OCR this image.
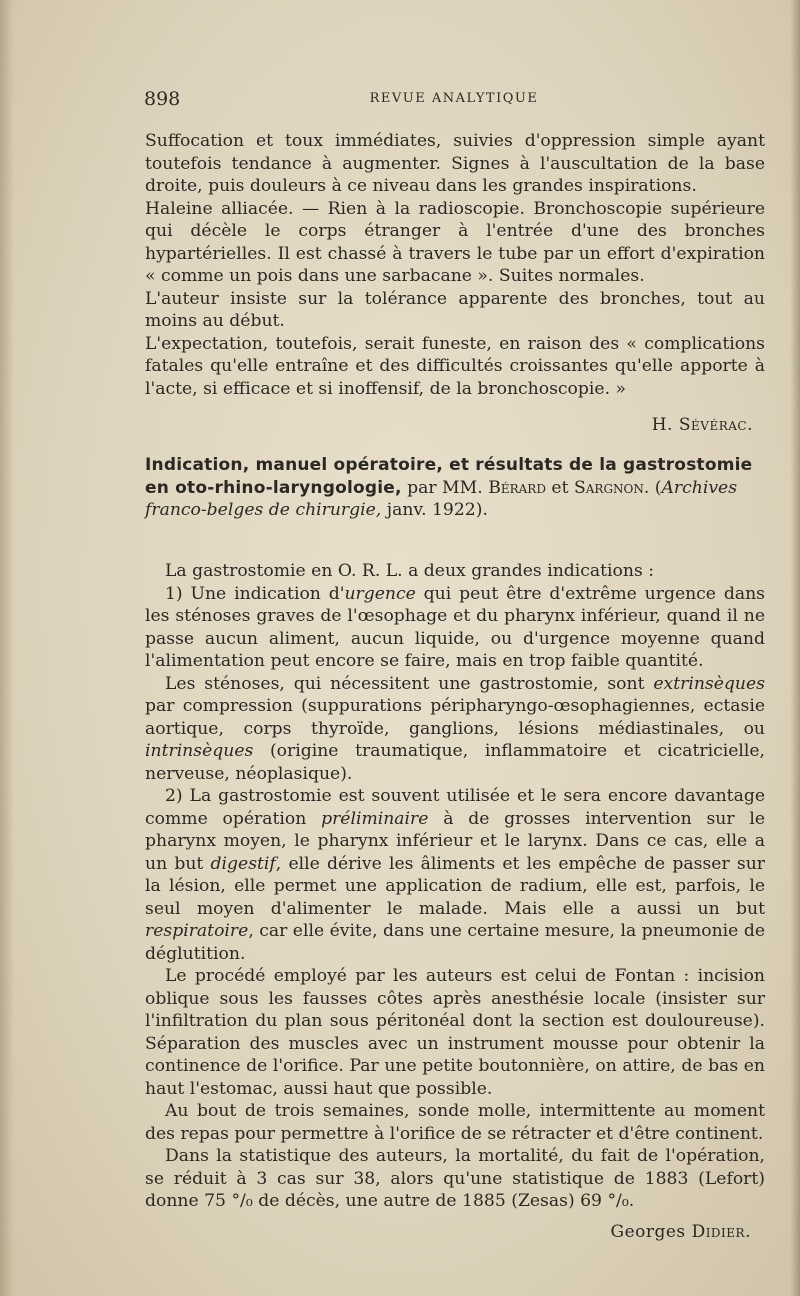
898	REVUE ANALYTIQUE

Suffocation et toux immédiates, suivies d'oppression simple ayant toutefois tendance à augmenter. Signes à l'auscultation de la base droite, puis douleurs à ce niveau dans les grandes inspirations.

Haleine alliacée. — Rien à la radioscopie. Bronchoscopie supérieure qui décèle le corps étranger à l'entrée d'une des bronches hypartérielles. Il est chassé à travers le tube par un effort d'expiration « comme un pois dans une sarbacane ». Suites normales.

L'auteur insiste sur la tolérance apparente des bronches, tout au moins au début.

L'expectation, toutefois, serait funeste, en raison des « complications fatales qu'elle entraîne et des difficultés croissantes qu'elle apporte à l'acte, si efficace et si inoffensif, de la bronchoscopie. »

H. Sévérac.

Indication, manuel opératoire, et résultats de la gastrostomie en oto-rhino-laryngologie, par MM. Bérard et Sargnon. (Archives franco-belges de chirurgie, janv. 1922).

La gastrostomie en O. R. L. a deux grandes indications :

1) Une indication d'urgence qui peut être d'extrême urgence dans les sténoses graves de l'œsophage et du pharynx inférieur, quand il ne passe aucun aliment, aucun liquide, ou d'urgence moyenne quand l'alimentation peut encore se faire, mais en trop faible quantité.

Les sténoses, qui nécessitent une gastrostomie, sont extrinsèques par compression (suppurations péripharyngo-œsophagiennes, ectasie aortique, corps thyroïde, ganglions, lésions médiastinales, ou intrinsèques (origine traumatique, inflammatoire et cicatricielle, nerveuse, néoplasique).

2) La gastrostomie est souvent utilisée et le sera encore davantage comme opération préliminaire à de grosses intervention sur le pharynx moyen, le pharynx inférieur et le larynx. Dans ce cas, elle a un but digestif, elle dérive les âliments et les empêche de passer sur la lésion, elle permet une application de radium, elle est, parfois, le seul moyen d'alimenter le malade. Mais elle a aussi un but respiratoire, car elle évite, dans une certaine mesure, la pneumonie de déglutition.

Le procédé employé par les auteurs est celui de Fontan : incision oblique sous les fausses côtes après anesthésie locale (insister sur l'infiltration du plan sous péritonéal dont la section est douloureuse). Séparation des muscles avec un instrument mousse pour obtenir la continence de l'orifice. Par une petite boutonnière, on attire, de bas en haut l'estomac, aussi haut que possible.

Au bout de trois semaines, sonde molle, intermittente au moment des repas pour permettre à l'orifice de se rétracter et d'être continent.

Dans la statistique des auteurs, la mortalité, du fait de l'opération, se réduit à 3 cas sur 38, alors qu'une statistique de 1883 (Lefort) donne 75 °/₀ de décès, une autre de 1885 (Zesas) 69 °/₀.

Georges Didier.
